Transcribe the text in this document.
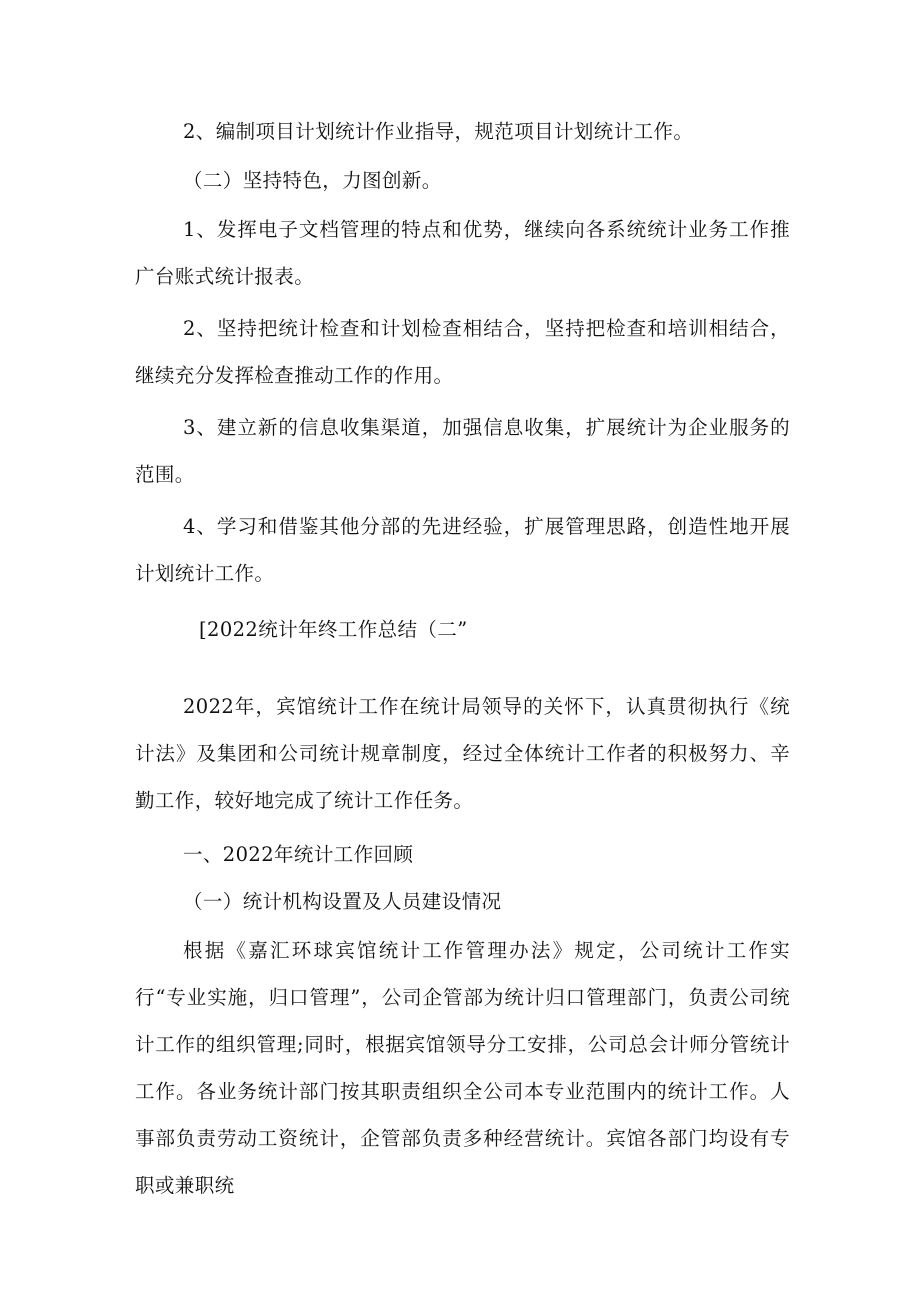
2、编制项目计划统计作业指导，规范项目计划统计工作。

（二）坚持特色，力图创新。

1、发挥电子文档管理的特点和优势，继续向各系统统计业务工作推广台账式统计报表。

2、坚持把统计检查和计划检查相结合，坚持把检查和培训相结合，继续充分发挥检查推动工作的作用。

3、建立新的信息收集渠道，加强信息收集，扩展统计为企业服务的范围。

4、学习和借鉴其他分部的先进经验，扩展管理思路，创造性地开展计划统计工作。

[2022统计年终工作总结（二”

2022年，宾馆统计工作在统计局领导的关怀下，认真贯彻执行《统计法》及集团和公司统计规章制度，经过全体统计工作者的积极努力、辛勤工作，较好地完成了统计工作任务。

一、2022年统计工作回顾

（一）统计机构设置及人员建设情况

根据《嘉汇环球宾馆统计工作管理办法》规定，公司统计工作实行“专业实施，归口管理”，公司企管部为统计归口管理部门，负责公司统计工作的组织管理;同时，根据宾馆领导分工安排，公司总会计师分管统计工作。各业务统计部门按其职责组织全公司本专业范围内的统计工作。人事部负责劳动工资统计，企管部负责多种经营统计。宾馆各部门均设有专职或兼职统
